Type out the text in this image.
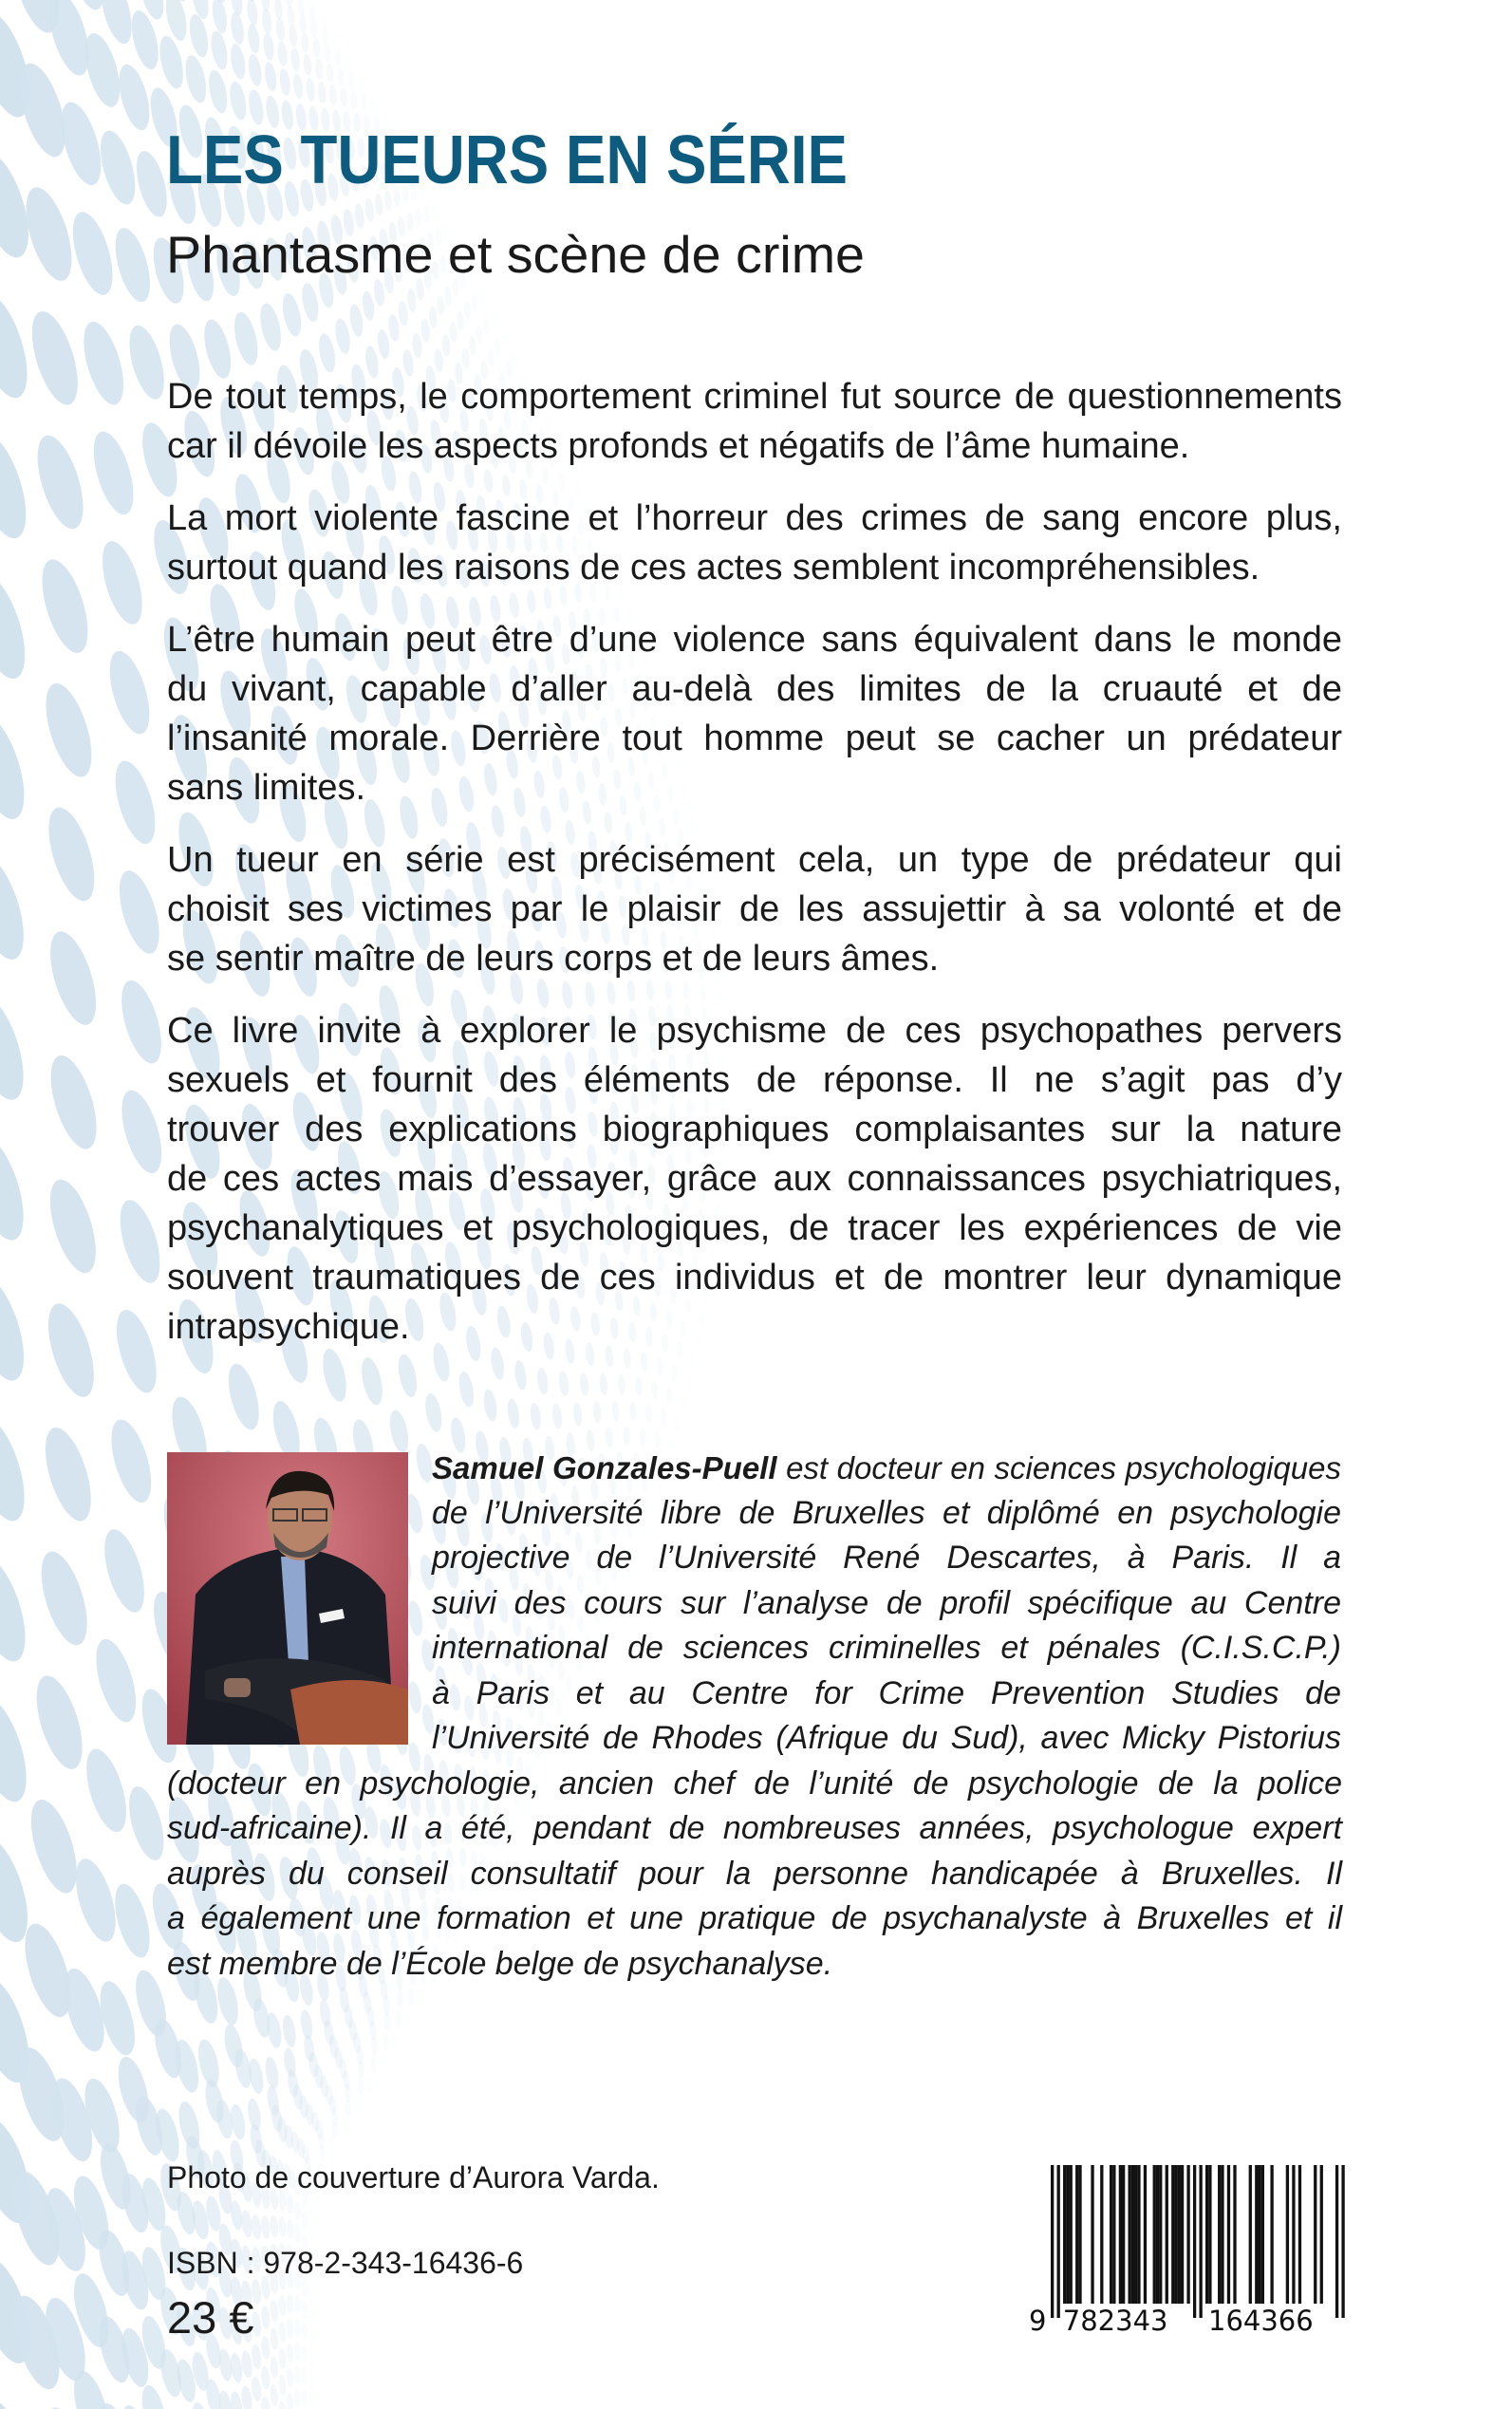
LES TUEURS EN SÉRIE
Phantasme et scène de crime
De tout temps, le comportement criminel fut source de questionnements
car il dévoile les aspects profonds et négatifs de l’âme humaine.
La mort violente fascine et l’horreur des crimes de sang encore plus,
surtout quand les raisons de ces actes semblent incompréhensibles.
L’être humain peut être d’une violence sans équivalent dans le monde
du vivant, capable d’aller au-delà des limites de la cruauté et de
l’insanité morale. Derrière tout homme peut se cacher un prédateur
sans limites.
Un tueur en série est précisément cela, un type de prédateur qui
choisit ses victimes par le plaisir de les assujettir à sa volonté et de
se sentir maître de leurs corps et de leurs âmes.
Ce livre invite à explorer le psychisme de ces psychopathes pervers
sexuels et fournit des éléments de réponse. Il ne s’agit pas d’y
trouver des explications biographiques complaisantes sur la nature
de ces actes mais d’essayer, grâce aux connaissances psychiatriques,
psychanalytiques et psychologiques, de tracer les expériences de vie
souvent traumatiques de ces individus et de montrer leur dynamique
intrapsychique.
Samuel Gonzales-Puell est docteur en sciences psychologiques
de l’Université libre de Bruxelles et diplômé en psychologie
projective de l’Université René Descartes, à Paris. Il a
suivi des cours sur l’analyse de profil spécifique au Centre
international de sciences criminelles et pénales (C.I.S.C.P.)
à Paris et au Centre for Crime Prevention Studies de
l’Université de Rhodes (Afrique du Sud), avec Micky Pistorius
(docteur en psychologie, ancien chef de l’unité de psychologie de la police
sud-africaine). Il a été, pendant de nombreuses années, psychologue expert
auprès du conseil consultatif pour la personne handicapée à Bruxelles. Il
a également une formation et une pratique de psychanalyste à Bruxelles et il
est membre de l’École belge de psychanalyse.
Photo de couverture d’Aurora Varda.
ISBN : 978-2-343-16436-6
23 €	9 782343 164366
